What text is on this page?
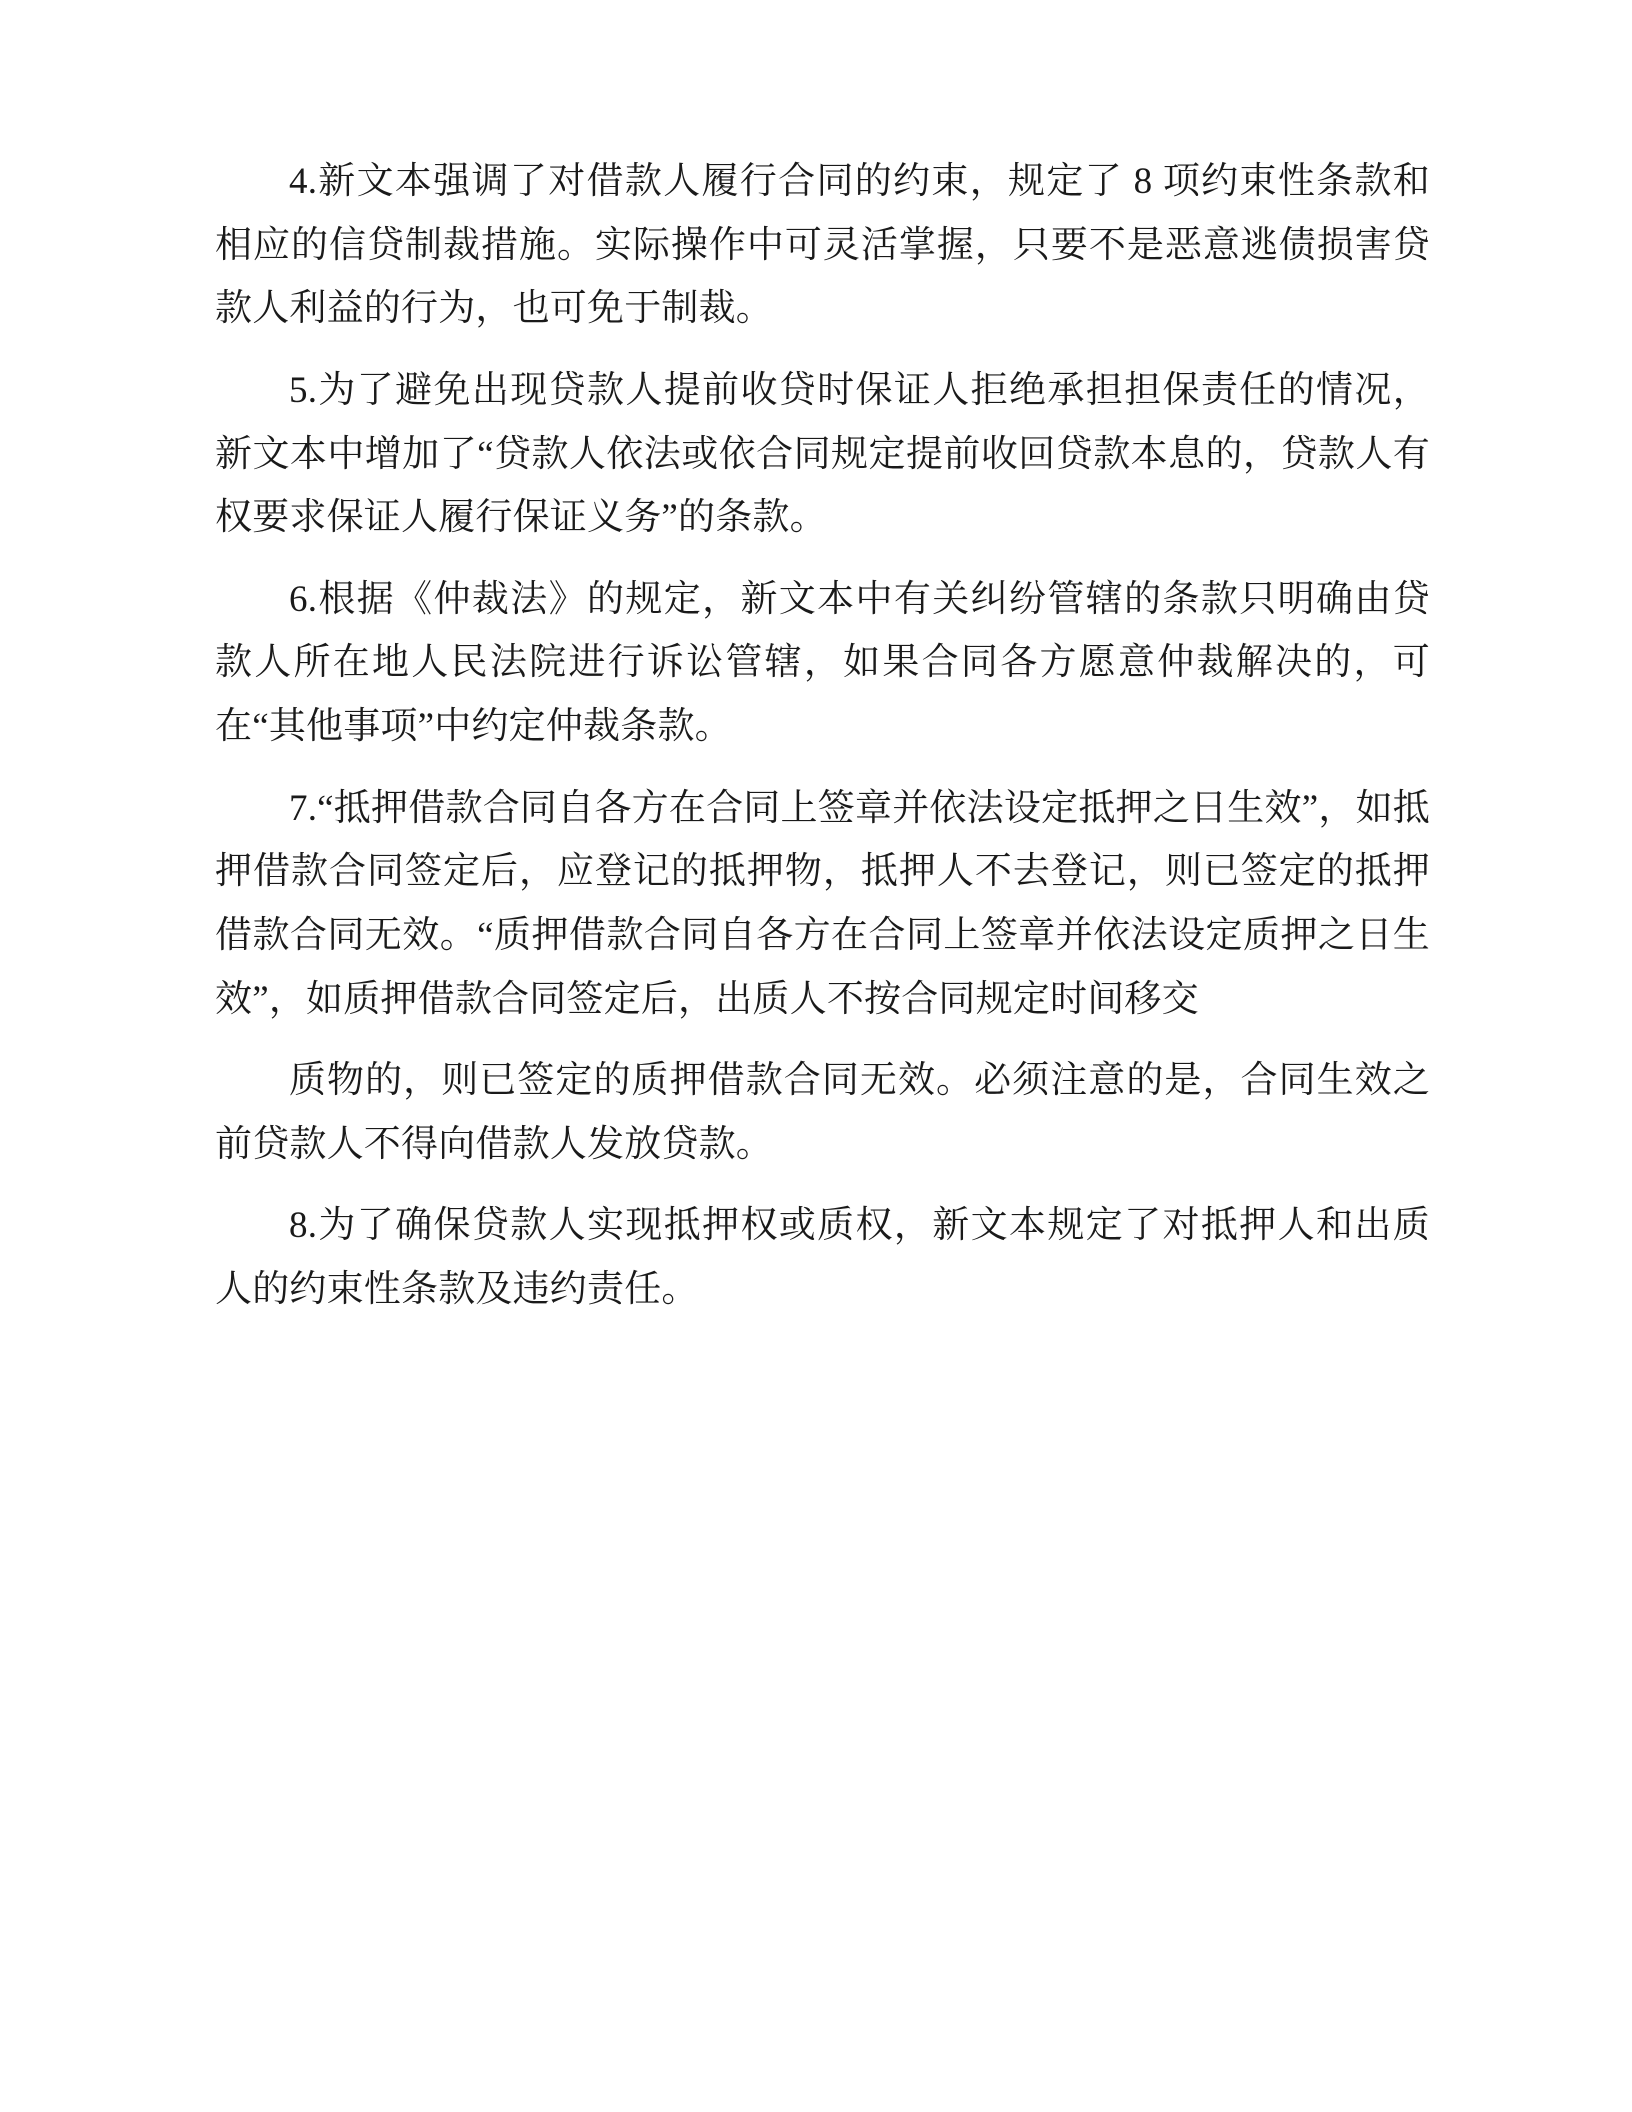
4.新文本强调了对借款人履行合同的约束，规定了 8 项约束性条款和相应的信贷制裁措施。实际操作中可灵活掌握，只要不是恶意逃债损害贷款人利益的行为，也可免于制裁。

5.为了避免出现贷款人提前收贷时保证人拒绝承担担保责任的情况，新文本中增加了“贷款人依法或依合同规定提前收回贷款本息的，贷款人有权要求保证人履行保证义务”的条款。

6.根据《仲裁法》的规定，新文本中有关纠纷管辖的条款只明确由贷款人所在地人民法院进行诉讼管辖，如果合同各方愿意仲裁解决的，可在“其他事项”中约定仲裁条款。

7.“抵押借款合同自各方在合同上签章并依法设定抵押之日生效”，如抵押借款合同签定后，应登记的抵押物，抵押人不去登记，则已签定的抵押借款合同无效。“质押借款合同自各方在合同上签章并依法设定质押之日生效”，如质押借款合同签定后，出质人不按合同规定时间移交

质物的，则已签定的质押借款合同无效。必须注意的是，合同生效之前贷款人不得向借款人发放贷款。

8.为了确保贷款人实现抵押权或质权，新文本规定了对抵押人和出质人的约束性条款及违约责任。
